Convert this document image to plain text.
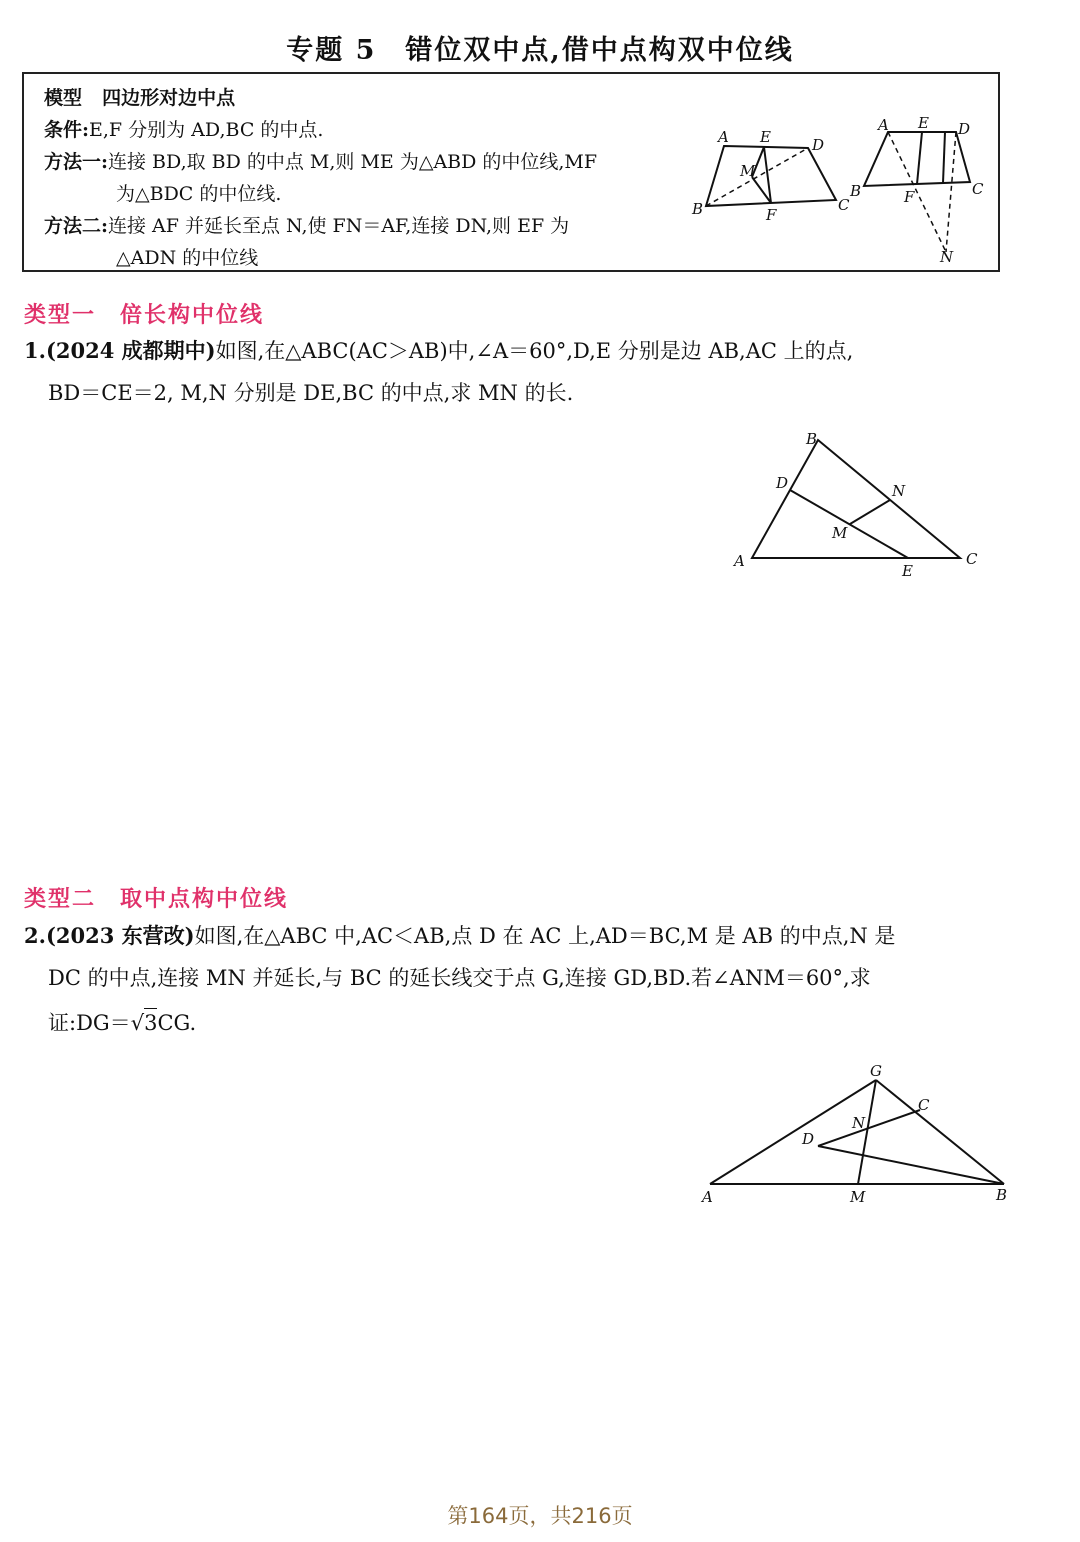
专题 5　错位双中点,借中点构双中位线
模型 四边形对边中点
条件:E,F 分别为 AD,BC 的中点.
方法一:连接 BD,取 BD 的中点 M,则 ME 为△ABD 的中位线,MF
为△BDC 的中位线.
方法二:连接 AF 并延长至点 N,使 FN＝AF,连接 DN,则 EF 为
△ADN 的中位线
A E	D
M
B	F
C
A E D
B	F	C
N
类型一　倍长构中位线
1.(2024 成都期中)如图,在△ABC(AC＞AB)中,∠A＝60°,D,E 分别是边 AB,AC 上的点,
BD＝CE＝2, M,N 分别是 DE,BC 的中点,求 MN 的长.
A
B
C
D
E
M
N
类型二　取中点构中位线
2.(2023 东营改)如图,在△ABC 中,AC＜AB,点 D 在 AC 上,AD＝BC,M 是 AB 的中点,N 是
DC 的中点,连接 MN 并延长,与 BC 的延长线交于点 G,连接 GD,BD.若∠ANM＝60°,求
证:DG＝√3
CG.
A	B
C
D
G
M
N
第164页，共216页
